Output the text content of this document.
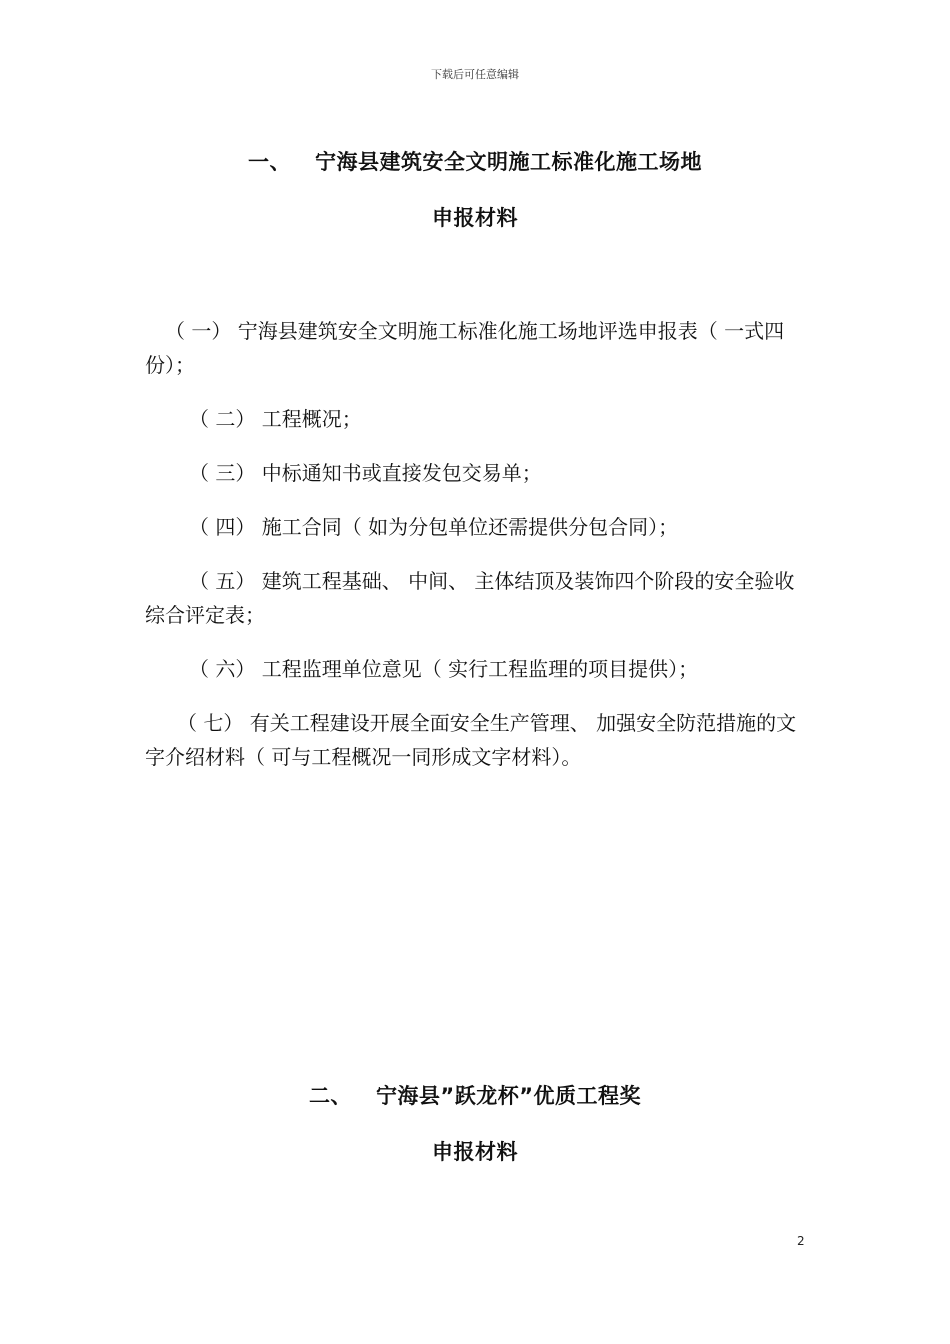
下载后可任意编辑
一、 宁海县建筑安全文明施工标准化施工场地
申报材料
（ 一） 宁海县建筑安全文明施工标准化施工场地评选申报表（ 一式四份）；
（ 二） 工程概况；
（ 三） 中标通知书或直接发包交易单；
（ 四） 施工合同（ 如为分包单位还需提供分包合同）；
（ 五） 建筑工程基础、 中间、 主体结顶及装饰四个阶段的安全验收综合评定表；
（ 六） 工程监理单位意见（ 实行工程监理的项目提供）；
（ 七） 有关工程建设开展全面安全生产管理、 加强安全防范措施的文字介绍材料（ 可与工程概况一同形成文字材料）。
二、 宁海县”跃龙杯”优质工程奖
申报材料
2
